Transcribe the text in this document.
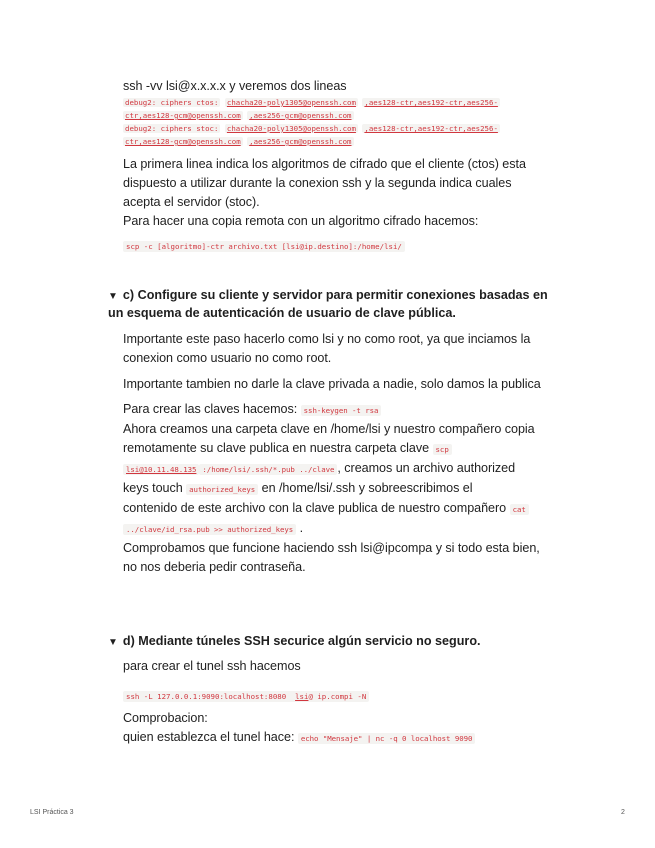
ssh -vv lsi@x.x.x.x y veremos dos lineas

debug2: ciphers ctos: chacha20-poly1305@openssh.com ,aes128-ctr,aes192-ctr,aes256-

ctr,aes128-gcm@openssh.com ,aes256-gcm@openssh.com

debug2: ciphers stoc: chacha20-poly1305@openssh.com ,aes128-ctr,aes192-ctr,aes256-

ctr,aes128-gcm@openssh.com ,aes256-gcm@openssh.com

La primera linea indica los algoritmos de cifrado que el cliente (ctos) esta

dispuesto a utilizar durante la conexion ssh y la segunda indica cuales

acepta el servidor (stoc).

Para hacer una copia remota con un algoritmo cifrado hacemos:

scp -c [algoritmo]-ctr archivo.txt [lsi@ip.destino]:/home/lsi/

▼ c) Configure su cliente y servidor para permitir conexiones basadas en

un esquema de autenticación de usuario de clave pública.

Importante este paso hacerlo como lsi y no como root, ya que inciamos la

conexion como usuario no como root.

Importante tambien no darle la clave privada a nadie, solo damos la publica

Para crear las claves hacemos: ssh-keygen -t rsa

Ahora creamos una carpeta clave en /home/lsi y nuestro compañero copia

remotamente su clave publica en nuestra carpeta clave scp

lsi@10.11.48.135 :/home/lsi/.ssh/*.pub ../clave , creamos un archivo authorized

keys touch authorized_keys en /home/lsi/.ssh y sobreescribimos el

contenido de este archivo con la clave publica de nuestro compañero cat

../clave/id_rsa.pub >> authorized_keys .

Comprobamos que funcione haciendo ssh lsi@ipcompa y si todo esta bien,

no nos deberia pedir contraseña.

▼ d) Mediante túneles SSH securice algún servicio no seguro.

para crear el tunel ssh hacemos

ssh -L 127.0.0.1:9090:localhost:8080 lsi@ ip.compi -N

Comprobacion:

quien establezca el tunel hace: echo "Mensaje" | nc -q 0 localhost 9090

LSI Práctica 3	2
